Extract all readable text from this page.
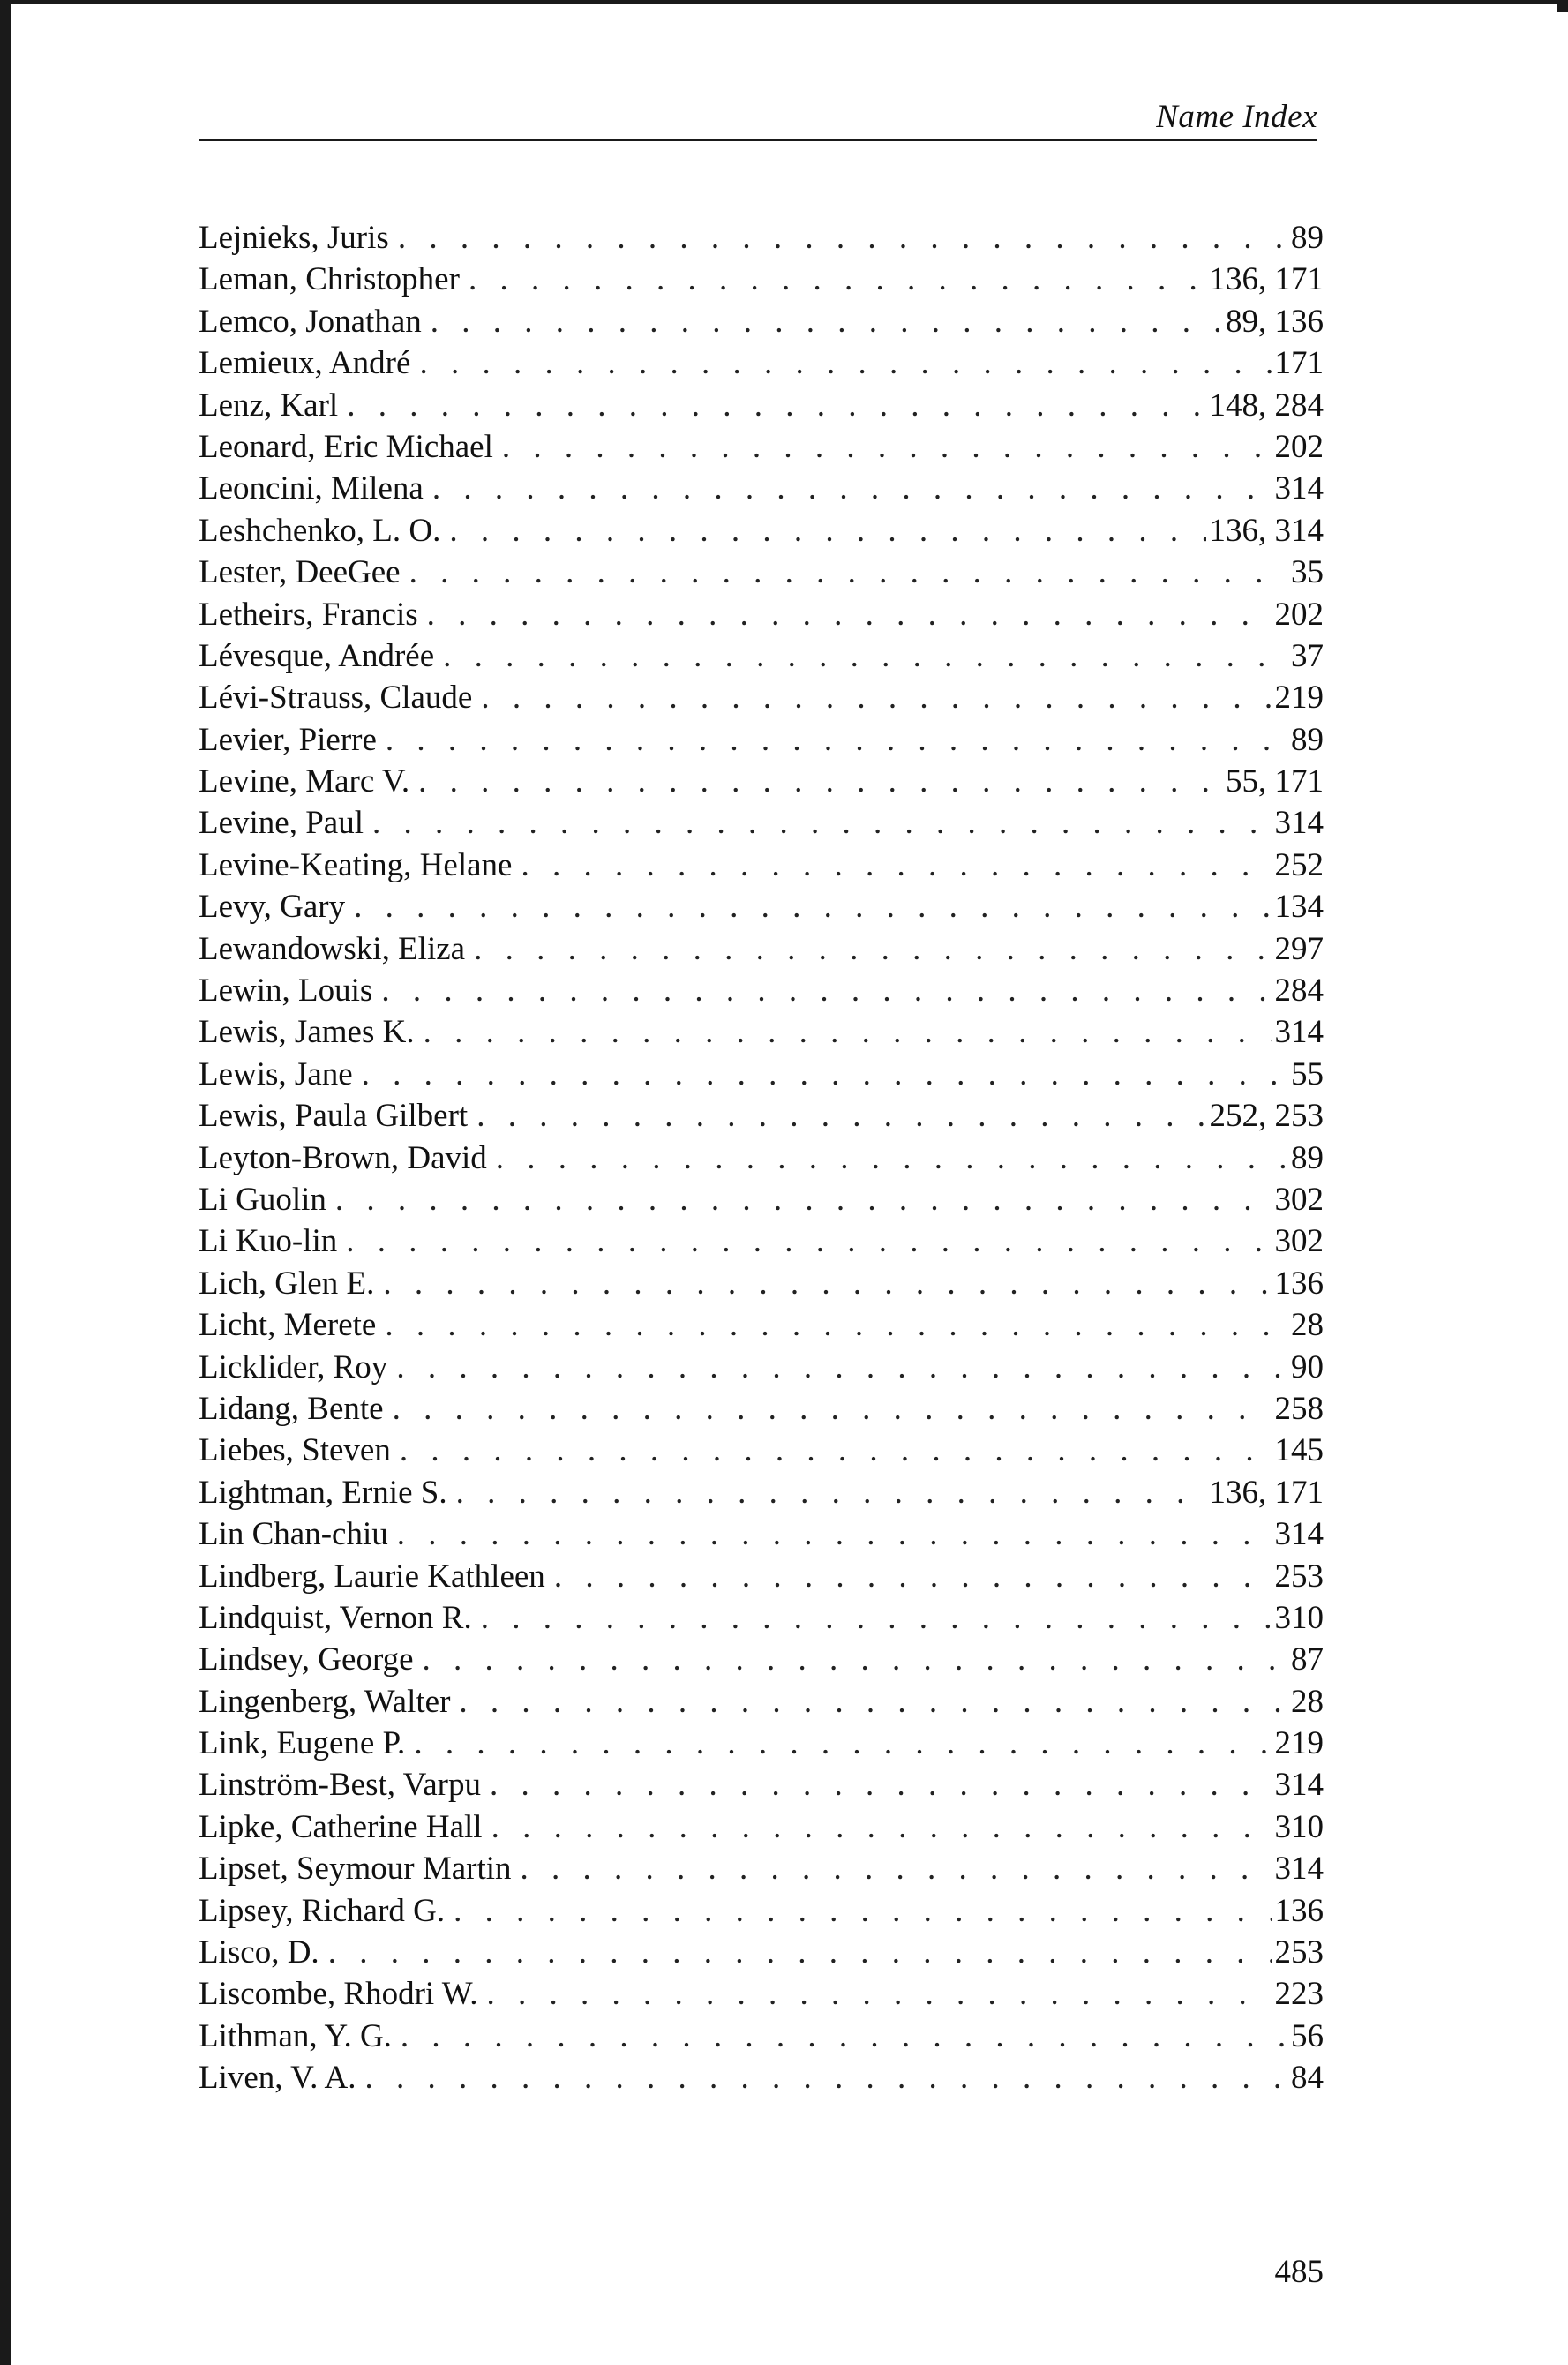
Name Index
Lejnieks, Juris . . .	89
Leman, Christopher . . .	136, 171
Lemco, Jonathan . . .	89, 136
Lemieux, André . . .	171
Lenz, Karl . . .	148, 284
Leonard, Eric Michael . . .	202
Leoncini, Milena . . .	314
Leshchenko, L. O. . . .	136, 314
Lester, DeeGee . . .	35
Letheirs, Francis . . .	202
Lévesque, Andrée . . .	37
Lévi-Strauss, Claude . . .	219
Levier, Pierre . . .	89
Levine, Marc V. . . .	55, 171
Levine, Paul . . .	314
Levine-Keating, Helane . . .	252
Levy, Gary . . .	134
Lewandowski, Eliza . . .	297
Lewin, Louis . . .	284
Lewis, James K. . . .	314
Lewis, Jane . . .	55
Lewis, Paula Gilbert . . .	252, 253
Leyton-Brown, David . . .	89
Li Guolin . . .	302
Li Kuo-lin . . .	302
Lich, Glen E. . . .	136
Licht, Merete . . .	28
Licklider, Roy . . .	90
Lidang, Bente . . .	258
Liebes, Steven . . .	145
Lightman, Ernie S. . . .	136, 171
Lin Chan-chiu . . .	314
Lindberg, Laurie Kathleen . . .	253
Lindquist, Vernon R. . . .	310
Lindsey, George . . .	87
Lingenberg, Walter . . .	28
Link, Eugene P. . . .	219
Linström-Best, Varpu . . .	314
Lipke, Catherine Hall . . .	310
Lipset, Seymour Martin . . .	314
Lipsey, Richard G. . . .	136
Lisco, D. . . .	253
Liscombe, Rhodri W. . . .	223
Lithman, Y. G. . . .	56
Liven, V. A. . . .	84
485
